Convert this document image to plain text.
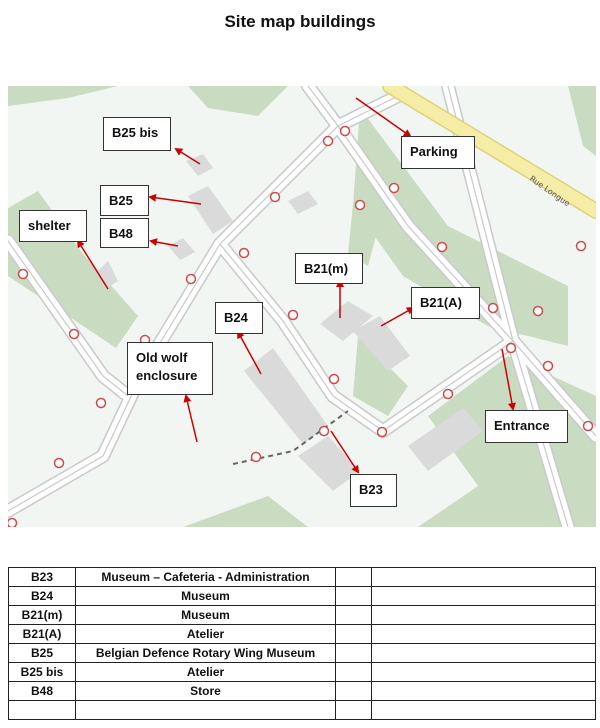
Site map buildings
Rue Longue
B25 bis
B25
B48
shelter
Parking
B21(m)
B21(A)
B24
Old wolf enclosure
Entrance
B23
B23	Museum – Cafeteria - Administration		
B24	Museum		
B21(m)	Museum		
B21(A)	Atelier		
B25	Belgian Defence Rotary Wing Museum		
B25 bis	Atelier		
B48	Store		
